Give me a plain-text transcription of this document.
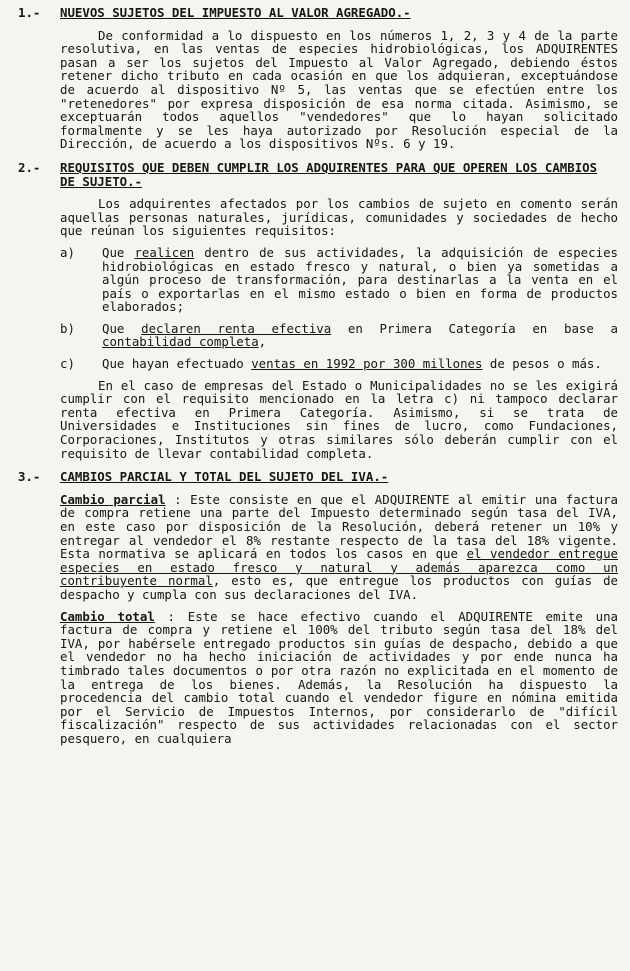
1.- NUEVOS SUJETOS DEL IMPUESTO AL VALOR AGREGADO.-

De conformidad a lo dispuesto en los números 1, 2, 3 y 4 de la parte resolutiva, en las ventas de especies hidrobiológicas, los ADQUIRENTES pasan a ser los sujetos del Impuesto al Valor Agregado, debiendo éstos retener dicho tributo en cada ocasión en que los adquieran, exceptuándose de acuerdo al dispositivo Nº 5, las ventas que se efectúen entre los "retenedores" por expresa disposición de esa norma citada. Asimismo, se exceptuarán todos aquellos "vendedores" que lo hayan solicitado formalmente y se les haya autorizado por Resolución especial de la Dirección, de acuerdo a los dispositivos Nºs. 6 y 19.

2.- REQUISITOS QUE DEBEN CUMPLIR LOS ADQUIRENTES PARA QUE OPEREN LOS CAMBIOS DE SUJETO.-

Los adquirentes afectados por los cambios de sujeto en comento serán aquellas personas naturales, jurídicas, comunidades y sociedades de hecho que reúnan los siguientes requisitos:

a) Que realicen dentro de sus actividades, la adquisición de especies hidrobiológicas en estado fresco y natural, o bien ya sometidas a algún proceso de transformación, para destinarlas a la venta en el país o exportarlas en el mismo estado o bien en forma de productos elaborados;
b) Que declaren renta efectiva en Primera Categoría en base a contabilidad completa,
c) Que hayan efectuado ventas en 1992 por 300 millones de pesos o más.

En el caso de empresas del Estado o Municipalidades no se les exigirá cumplir con el requisito mencionado en la letra c) ni tampoco declarar renta efectiva en Primera Categoría. Asimismo, si se trata de Universidades e Instituciones sin fines de lucro, como Fundaciones, Corporaciones, Institutos y otras similares sólo deberán cumplir con el requisito de llevar contabilidad completa.

3.- CAMBIOS PARCIAL Y TOTAL DEL SUJETO DEL IVA.-

Cambio parcial : Este consiste en que el ADQUIRENTE al emitir una factura de compra retiene una parte del Impuesto determinado según tasa del IVA, en este caso por disposición de la Resolución, deberá retener un 10% y entregar al vendedor el 8% restante respecto de la tasa del 18% vigente. Esta normativa se aplicará en todos los casos en que el vendedor entregue especies en estado fresco y natural y además aparezca como un contribuyente normal, esto es, que entregue los productos con guías de despacho y cumpla con sus declaraciones del IVA.

Cambio total : Este se hace efectivo cuando el ADQUIRENTE emite una factura de compra y retiene el 100% del tributo según tasa del 18% del IVA, por habérsele entregado productos sin guías de despacho, debido a que el vendedor no ha hecho iniciación de actividades y por ende nunca ha timbrado tales documentos o por otra razón no explicitada en el momento de la entrega de los bienes. Además, la Resolución ha dispuesto la procedencia del cambio total cuando el vendedor figure en nómina emitida por el Servicio de Impuestos Internos, por considerarlo de "difícil fiscalización" respecto de sus actividades relacionadas con el sector pesquero, en cualquiera
